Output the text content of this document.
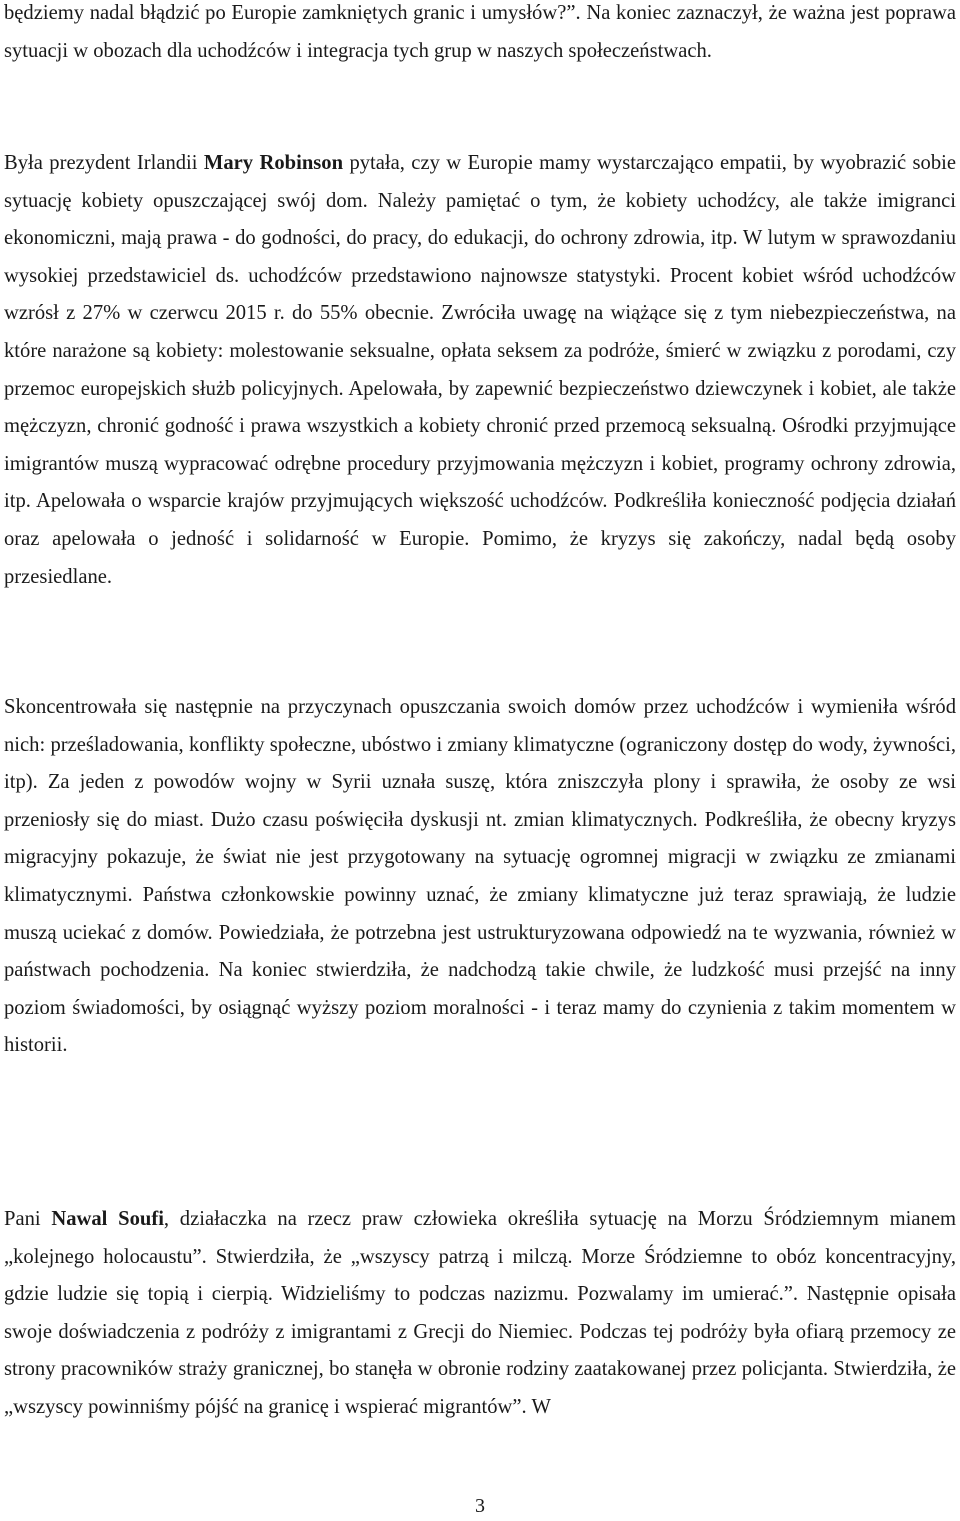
będziemy nadal błądzić po Europie zamkniętych granic i umysłów?”. Na koniec zaznaczył, że ważna jest poprawa sytuacji w obozach dla uchodźców i integracja tych grup w naszych społeczeństwach.

Była prezydent Irlandii Mary Robinson pytała, czy w Europie mamy wystarczająco empatii, by wyobrazić sobie sytuację kobiety opuszczającej swój dom. Należy pamiętać o tym, że kobiety uchodźcy, ale także imigranci ekonomiczni, mają prawa - do godności, do pracy, do edukacji, do ochrony zdrowia, itp. W lutym w sprawozdaniu wysokiej przedstawiciel ds. uchodźców przedstawiono najnowsze statystyki. Procent kobiet wśród uchodźców wzrósł z 27% w czerwcu 2015 r. do 55% obecnie. Zwróciła uwagę na wiążące się z tym niebezpieczeństwa, na które narażone są kobiety: molestowanie seksualne, opłata seksem za podróże, śmierć w związku z porodami, czy przemoc europejskich służb policyjnych. Apelowała, by zapewnić bezpieczeństwo dziewczynek i kobiet, ale także mężczyzn, chronić godność i prawa wszystkich a kobiety chronić przed przemocą seksualną. Ośrodki przyjmujące imigrantów muszą wypracować odrębne procedury przyjmowania mężczyzn i kobiet, programy ochrony zdrowia, itp. Apelowała o wsparcie krajów przyjmujących większość uchodźców. Podkreśliła konieczność podjęcia działań oraz apelowała o jedność i solidarność w Europie. Pomimo, że kryzys się zakończy, nadal będą osoby przesiedlane.

Skoncentrowała się następnie na przyczynach opuszczania swoich domów przez uchodźców i wymieniła wśród nich: prześladowania, konflikty społeczne, ubóstwo i zmiany klimatyczne (ograniczony dostęp do wody, żywności, itp). Za jeden z powodów wojny w Syrii uznała suszę, która zniszczyła plony i sprawiła, że osoby ze wsi przeniosły się do miast. Dużo czasu poświęciła dyskusji nt. zmian klimatycznych. Podkreśliła, że obecny kryzys migracyjny pokazuje, że świat nie jest przygotowany na sytuację ogromnej migracji w związku ze zmianami klimatycznymi. Państwa członkowskie powinny uznać, że zmiany klimatyczne już teraz sprawiają, że ludzie muszą uciekać z domów. Powiedziała, że potrzebna jest ustrukturyzowana odpowiedź na te wyzwania, również w państwach pochodzenia. Na koniec stwierdziła, że nadchodzą takie chwile, że ludzkość musi przejść na inny poziom świadomości, by osiągnąć wyższy poziom moralności - i teraz mamy do czynienia z takim momentem w historii.

Pani Nawal Soufi, działaczka na rzecz praw człowieka określiła sytuację na Morzu Śródziemnym mianem „kolejnego holocaustu”. Stwierdziła, że „wszyscy patrzą i milczą. Morze Śródziemne to obóz koncentracyjny, gdzie ludzie się topią i cierpią. Widzieliśmy to podczas nazizmu. Pozwalamy im umierać.”. Następnie opisała swoje doświadczenia z podróży z imigrantami z Grecji do Niemiec. Podczas tej podróży była ofiarą przemocy ze strony pracowników straży granicznej, bo stanęła w obronie rodziny zaatakowanej przez policjanta. Stwierdziła, że „wszyscy powinniśmy pójść na granicę i wspierać migrantów”. W

3
